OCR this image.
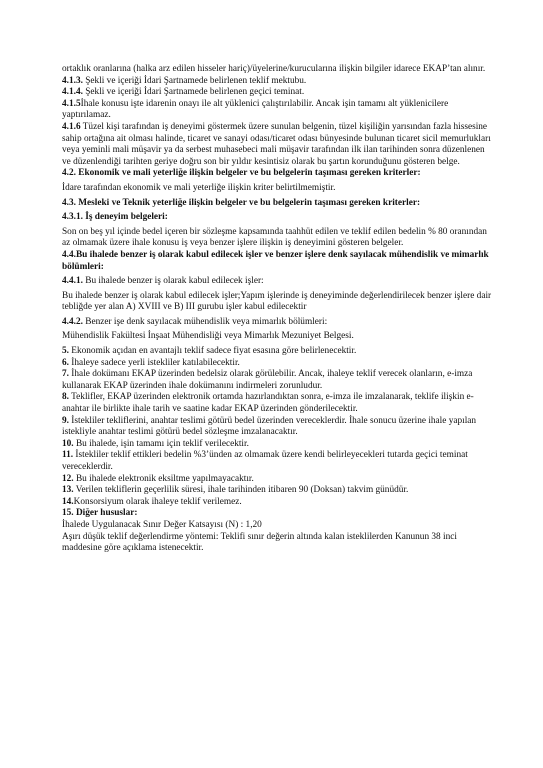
ortaklık oranlarına (halka arz edilen hisseler hariç)/üyelerine/kurucularına ilişkin bilgiler idarece EKAP’tan alınır.

4.1.3. Şekli ve içeriği İdari Şartnamede belirlenen teklif mektubu.

4.1.4. Şekli ve içeriği İdari Şartnamede belirlenen geçici teminat.

4.1.5İhale konusu işte idarenin onayı ile alt yüklenici çalıştırılabilir. Ancak işin tamamı alt yüklenicilere yaptırılamaz.

4.1.6 Tüzel kişi tarafından iş deneyimi göstermek üzere sunulan belgenin, tüzel kişiliğin yarısından fazla hissesine sahip ortağına ait olması halinde, ticaret ve sanayi odası/ticaret odası bünyesinde bulunan ticaret sicil memurlukları veya yeminli mali müşavir ya da serbest muhasebeci mali müşavir tarafından ilk ilan tarihinden sonra düzenlenen ve düzenlendiği tarihten geriye doğru son bir yıldır kesintisiz olarak bu şartın korunduğunu gösteren belge.

4.2. Ekonomik ve mali yeterliğe ilişkin belgeler ve bu belgelerin taşıması gereken kriterler:

İdare tarafından ekonomik ve mali yeterliğe ilişkin kriter belirtilmemiştir.

4.3. Mesleki ve Teknik yeterliğe ilişkin belgeler ve bu belgelerin taşıması gereken kriterler:

4.3.1. İş deneyim belgeleri:

Son on beş yıl içinde bedel içeren bir sözleşme kapsamında taahhüt edilen ve teklif edilen bedelin % 80 oranından az olmamak üzere ihale konusu iş veya benzer işlere ilişkin iş deneyimini gösteren belgeler.

4.4.Bu ihalede benzer iş olarak kabul edilecek işler ve benzer işlere denk sayılacak mühendislik ve mimarlık bölümleri:

4.4.1. Bu ihalede benzer iş olarak kabul edilecek işler:

Bu ihalede benzer iş olarak kabul edilecek işler;Yapım işlerinde iş deneyiminde değerlendirilecek benzer işlere dair tebliğde yer alan A) XVIII ve B) III gurubu işler kabul edilecektir

4.4.2. Benzer işe denk sayılacak mühendislik veya mimarlık bölümleri:

Mühendislik Fakültesi İnşaat Mühendisliği veya Mimarlık Mezuniyet Belgesi.

5. Ekonomik açıdan en avantajlı teklif sadece fiyat esasına göre belirlenecektir.

6. İhaleye sadece yerli istekliler katılabilecektir.

7. İhale dokümanı EKAP üzerinden bedelsiz olarak görülebilir. Ancak, ihaleye teklif verecek olanların, e-imza kullanarak EKAP üzerinden ihale dokümanını indirmeleri zorunludur.

8. Teklifler, EKAP üzerinden elektronik ortamda hazırlandıktan sonra, e-imza ile imzalanarak, teklife ilişkin e-anahtar ile birlikte ihale tarih ve saatine kadar EKAP üzerinden gönderilecektir.

9. İstekliler tekliflerini, anahtar teslimi götürü bedel üzerinden vereceklerdir. İhale sonucu üzerine ihale yapılan istekliyle anahtar teslimi götürü bedel sözleşme imzalanacaktır.

10. Bu ihalede, işin tamamı için teklif verilecektir.

11. İstekliler teklif ettikleri bedelin %3’ünden az olmamak üzere kendi belirleyecekleri tutarda geçici teminat vereceklerdir.

12. Bu ihalede elektronik eksiltme yapılmayacaktır.

13. Verilen tekliflerin geçerlilik süresi, ihale tarihinden itibaren 90 (Doksan) takvim günüdür.

14.Konsorsiyum olarak ihaleye teklif verilemez.

15. Diğer hususlar:

İhalede Uygulanacak Sınır Değer Katsayısı (N) : 1,20

Aşırı düşük teklif değerlendirme yöntemi: Teklifi sınır değerin altında kalan isteklilerden Kanunun 38 inci maddesine göre açıklama istenecektir.
